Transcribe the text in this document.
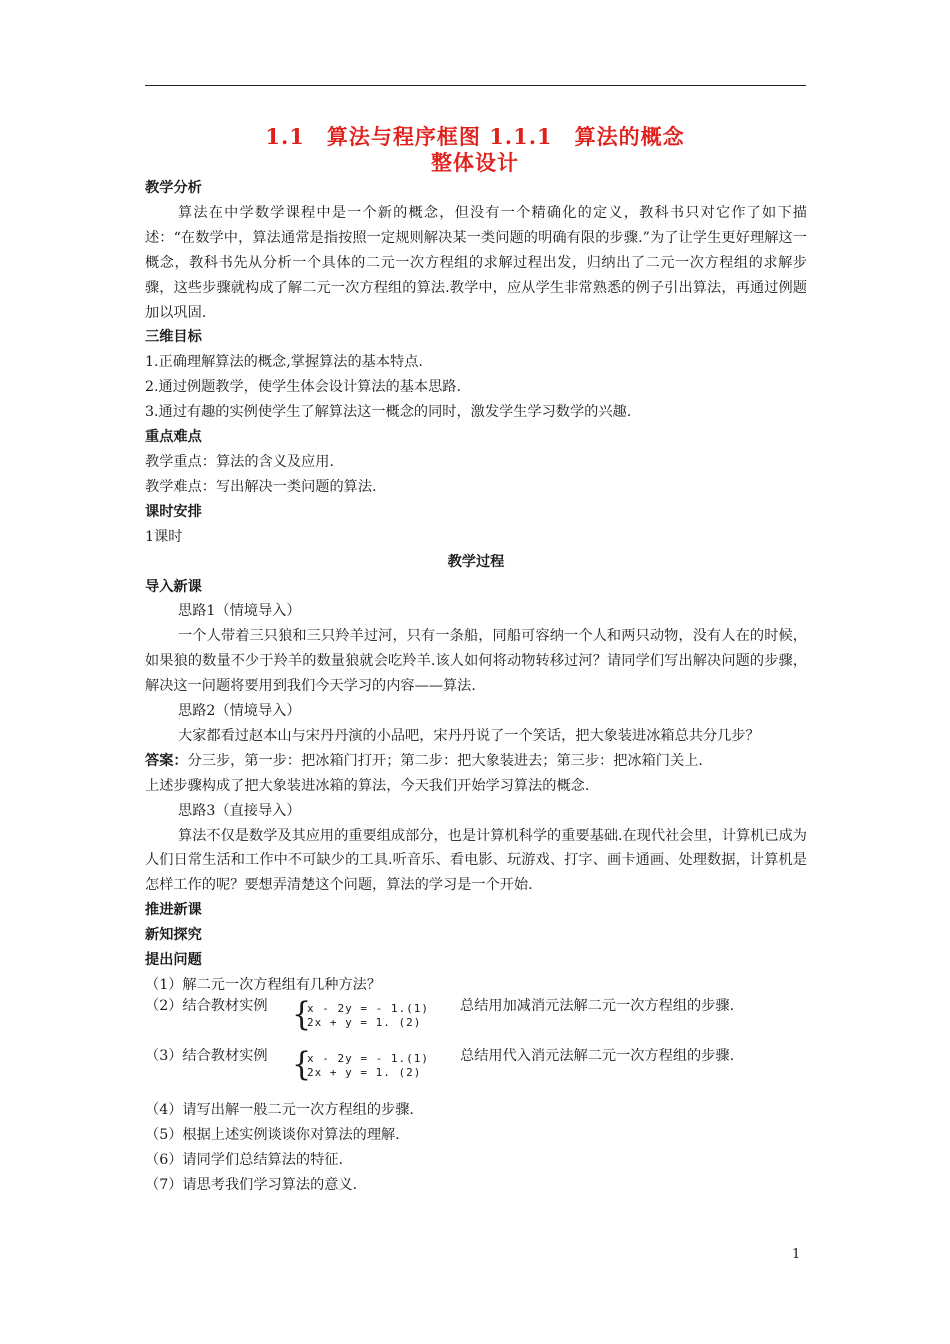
1.1　算法与程序框图 1.1.1　算法的概念
整体设计

教学分析

算法在中学数学课程中是一个新的概念，但没有一个精确化的定义，教科书只对它作了如下描述：“在数学中，算法通常是指按照一定规则解决某一类问题的明确有限的步骤.”为了让学生更好理解这一概念，教科书先从分析一个具体的二元一次方程组的求解过程出发，归纳出了二元一次方程组的求解步骤，这些步骤就构成了解二元一次方程组的算法.教学中，应从学生非常熟悉的例子引出算法，再通过例题加以巩固.

三维目标

1.正确理解算法的概念,掌握算法的基本特点.

2.通过例题教学，使学生体会设计算法的基本思路.

3.通过有趣的实例使学生了解算法这一概念的同时，激发学生学习数学的兴趣.

重点难点

教学重点：算法的含义及应用.

教学难点：写出解决一类问题的算法.

课时安排

1课时

教学过程

导入新课

思路1（情境导入）

一个人带着三只狼和三只羚羊过河，只有一条船，同船可容纳一个人和两只动物，没有人在的时候，如果狼的数量不少于羚羊的数量狼就会吃羚羊.该人如何将动物转移过河？请同学们写出解决问题的步骤，解决这一问题将要用到我们今天学习的内容——算法.

思路2（情境导入）

大家都看过赵本山与宋丹丹演的小品吧，宋丹丹说了一个笑话，把大象装进冰箱总共分几步？

答案：分三步，第一步：把冰箱门打开；第二步：把大象装进去；第三步：把冰箱门关上.

上述步骤构成了把大象装进冰箱的算法，今天我们开始学习算法的概念.

思路3（直接导入）

算法不仅是数学及其应用的重要组成部分，也是计算机科学的重要基础.在现代社会里，计算机已成为人们日常生活和工作中不可缺少的工具.听音乐、看电影、玩游戏、打字、画卡通画、处理数据，计算机是怎样工作的呢？要想弄清楚这个问题，算法的学习是一个开始.

推进新课

新知探究

提出问题

（1）解二元一次方程组有几种方法？

（2）结合教材实例 {
x - 2y = - 1.(1)
2x + y = 1. (2)
总结用加减消元法解二元一次方程组的步骤.
（3）结合教材实例 {
x - 2y = - 1.(1)
2x + y = 1. (2)
总结用代入消元法解二元一次方程组的步骤.

（4）请写出解一般二元一次方程组的步骤.

（5）根据上述实例谈谈你对算法的理解.

（6）请同学们总结算法的特征.

（7）请思考我们学习算法的意义.

1
